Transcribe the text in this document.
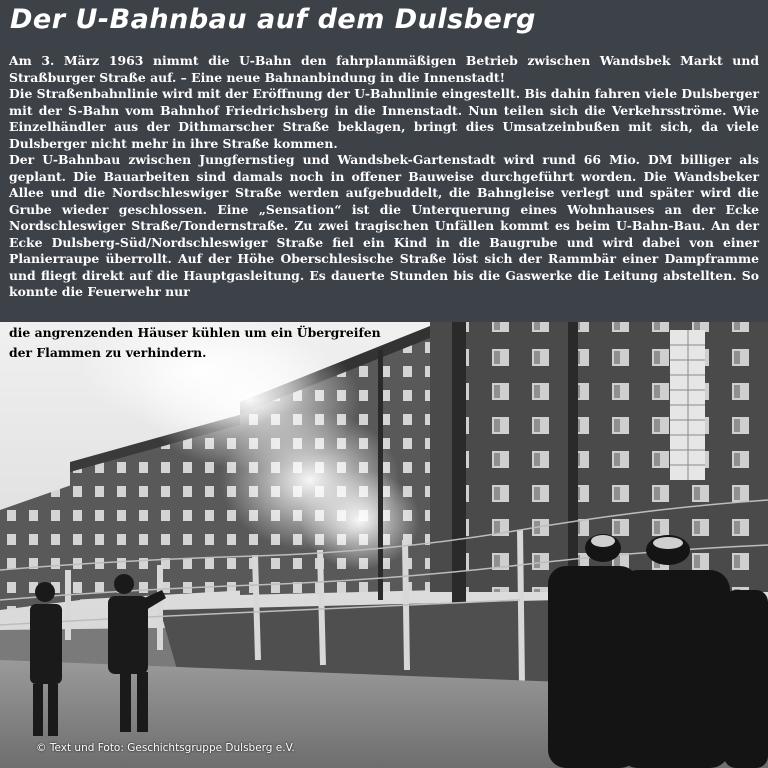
Der U-Bahnbau auf dem Dulsberg

Am 3. März 1963 nimmt die U-Bahn den fahrplanmäßigen Betrieb zwischen Wandsbek Markt und Straßburger Straße auf. – Eine neue Bahnanbindung in die Innenstadt!

Die Straßenbahnlinie wird mit der Eröffnung der U-Bahnlinie eingestellt. Bis dahin fahren viele Dulsberger mit der S-Bahn vom Bahnhof Friedrichsberg in die Innenstadt. Nun teilen sich die Verkehrsströme. Wie Einzelhändler aus der Dithmarscher Straße beklagen, bringt dies Umsatzeinbußen mit sich, da viele Dulsberger nicht mehr in ihre Straße kommen.

Der U-Bahnbau zwischen Jungfernstieg und Wandsbek-Gartenstadt wird rund 66 Mio. DM billiger als geplant. Die Bauarbeiten sind damals noch in offener Bauweise durchgeführt worden. Die Wandsbeker Allee und die Nordschleswiger Straße werden aufgebuddelt, die Bahngleise verlegt und später wird die Grube wieder geschlossen. Eine „Sensation“ ist die Unterquerung eines Wohnhauses an der Ecke Nordschleswiger Straße/Tondernstraße. Zu zwei tragischen Unfällen kommt es beim U-Bahn-Bau. An der Ecke Dulsberg-Süd/Nordschleswiger Straße fiel ein Kind in die Baugrube und wird dabei von einer Planierraupe überrollt. Auf der Höhe Oberschlesische Straße löst sich der Rammbär einer Dampframme und fliegt direkt auf die Hauptgasleitung. Es dauerte Stunden bis die Gaswerke die Leitung abstellten. So konnte die Feuerwehr nur

die angrenzenden Häuser kühlen um ein Übergreifen
der Flammen zu verhindern.
© Text und Foto: Geschichtsgruppe Dulsberg e.V.
